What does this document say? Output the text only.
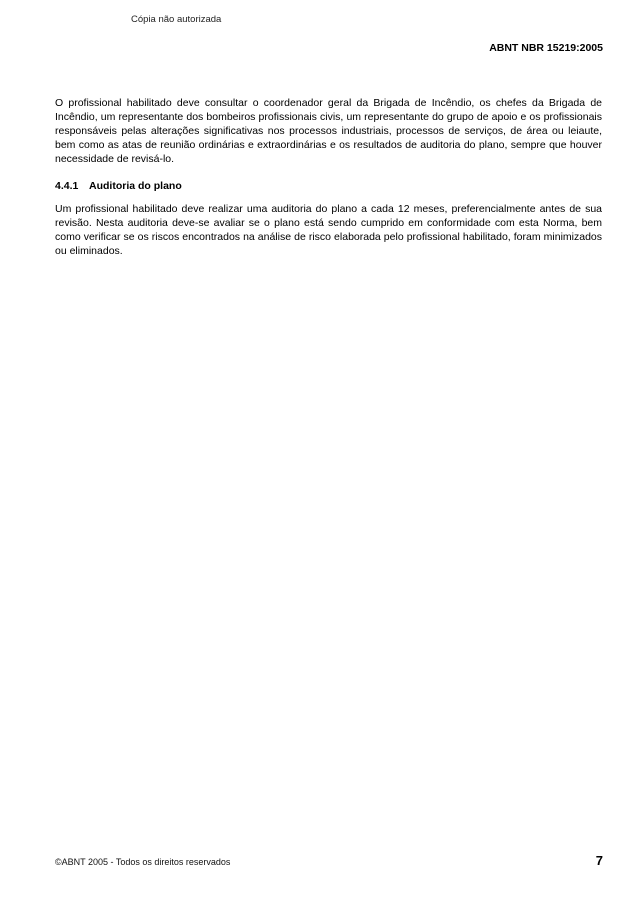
Cópia não autorizada
ABNT NBR 15219:2005

O profissional habilitado deve consultar o coordenador geral da Brigada de Incêndio, os chefes da Brigada de Incêndio, um representante dos bombeiros profissionais civis, um representante do grupo de apoio e os profissionais responsáveis pelas alterações significativas nos processos industriais, processos de serviços, de área ou leiaute, bem como as atas de reunião ordinárias e extraordinárias e os resultados de auditoria do plano, sempre que houver necessidade de revisá-lo.

4.4.1	Auditoria do plano

Um profissional habilitado deve realizar uma auditoria do plano a cada 12 meses, preferencialmente antes de sua revisão. Nesta auditoria deve-se avaliar se o plano está sendo cumprido em conformidade com esta Norma, bem como verificar se os riscos encontrados na análise de risco elaborada pelo profissional habilitado, foram minimizados ou eliminados.

©ABNT 2005 - Todos os direitos reservados	7
